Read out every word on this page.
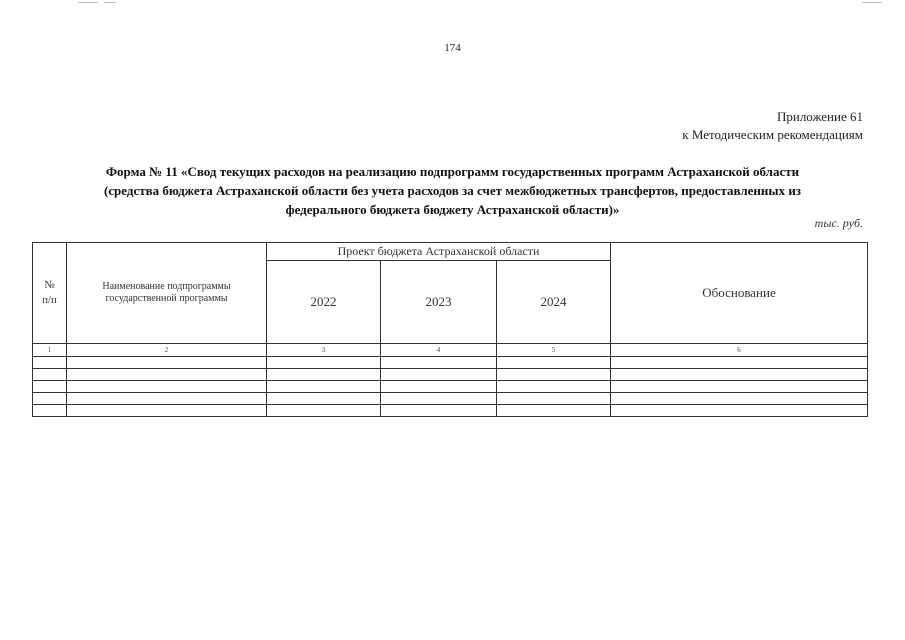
174
Приложение 61
к Методическим рекомендациям
Форма № 11 «Свод текущих расходов на реализацию подпрограмм государственных программ Астраханской области
(средства бюджета Астраханской области без учета расходов за счет межбюджетных трансфертов, предоставленных из
федерального бюджета бюджету Астраханской области)»
тыс. руб.
№
п/п	Наименование подпрограммы государственной программы	Проект бюджета Астраханской области			Обоснование
		2022	2023	2024	
1	2	3	4	5	6
